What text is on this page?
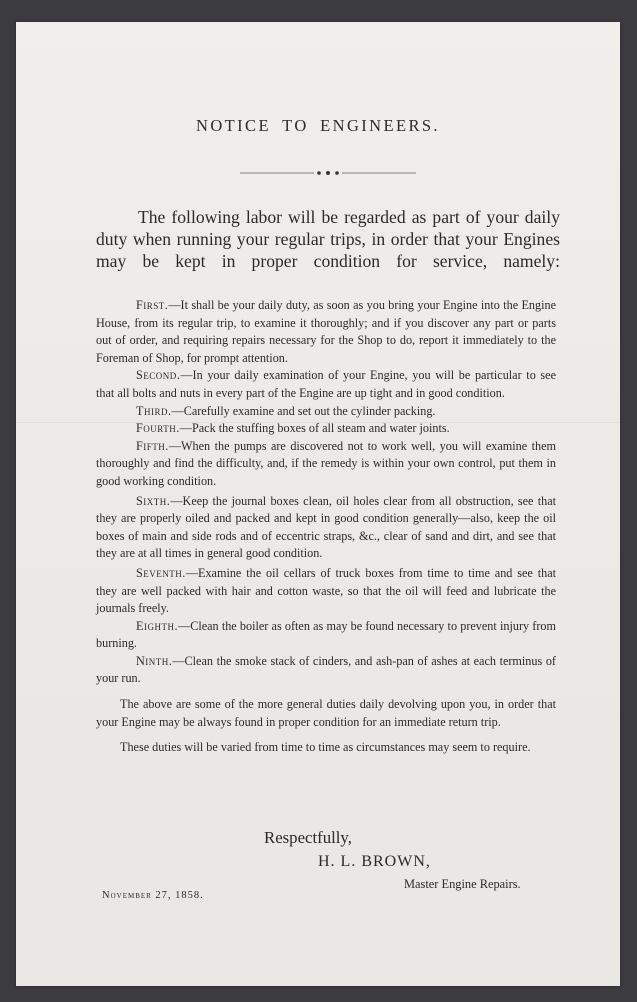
NOTICE TO ENGINEERS.

The following labor will be regarded as part of your daily duty when running your regular trips, in order that your Engines may be kept in proper condition for service, namely:

First.—It shall be your daily duty, as soon as you bring your Engine into the Engine House, from its regular trip, to examine it thoroughly; and if you discover any part or parts out of order, and requiring repairs necessary for the Shop to do, report it immediately to the Foreman of Shop, for prompt attention.

Second.—In your daily examination of your Engine, you will be particular to see that all bolts and nuts in every part of the Engine are up tight and in good condition.

Third.—Carefully examine and set out the cylinder packing.

Fourth.—Pack the stuffing boxes of all steam and water joints.

Fifth.—When the pumps are discovered not to work well, you will examine them thoroughly and find the difficulty, and, if the remedy is within your own control, put them in good working condition.

Sixth.—Keep the journal boxes clean, oil holes clear from all obstruction, see that they are properly oiled and packed and kept in good condition generally—also, keep the oil boxes of main and side rods and of eccentric straps, &c., clear of sand and dirt, and see that they are at all times in general good condition.

Seventh.—Examine the oil cellars of truck boxes from time to time and see that they are well packed with hair and cotton waste, so that the oil will feed and lubricate the journals freely.

Eighth.—Clean the boiler as often as may be found necessary to prevent injury from burning.

Ninth.—Clean the smoke stack of cinders, and ash-pan of ashes at each terminus of your run.

The above are some of the more general duties daily devolving upon you, in order that your Engine may be always found in proper condition for an immediate return trip.

These duties will be varied from time to time as circumstances may seem to require.

Respectfully,
H. L. BROWN,
Master Engine Repairs.
November 27, 1858.
